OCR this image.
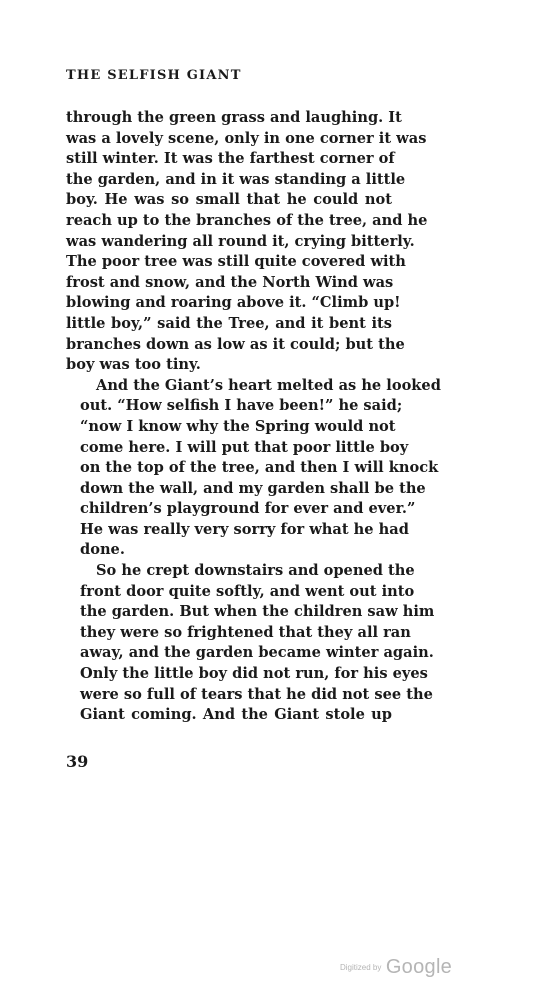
THE SELFISH GIANT

through the green grass and laughing. It
was a lovely scene, only in one corner it was
still winter. It was the farthest corner of
the garden, and in it was standing a little
boy. He was so small that he could not
reach up to the branches of the tree, and he
was wandering all round it, crying bitterly.
The poor tree was still quite covered with
frost and snow, and the North Wind was
blowing and roaring above it. “Climb up!
little boy,” said the Tree, and it bent its
branches down as low as it could; but the
boy was too tiny.

And the Giant’s heart melted as he looked
out. “How selfish I have been!” he said;
“now I know why the Spring would not
come here. I will put that poor little boy
on the top of the tree, and then I will knock
down the wall, and my garden shall be the
children’s playground for ever and ever.”
He was really very sorry for what he had
done.

So he crept downstairs and opened the
front door quite softly, and went out into
the garden. But when the children saw him
they were so frightened that they all ran
away, and the garden became winter again.
Only the little boy did not run, for his eyes
were so full of tears that he did not see the
Giant coming. And the Giant stole up

39
Digitized by Google
